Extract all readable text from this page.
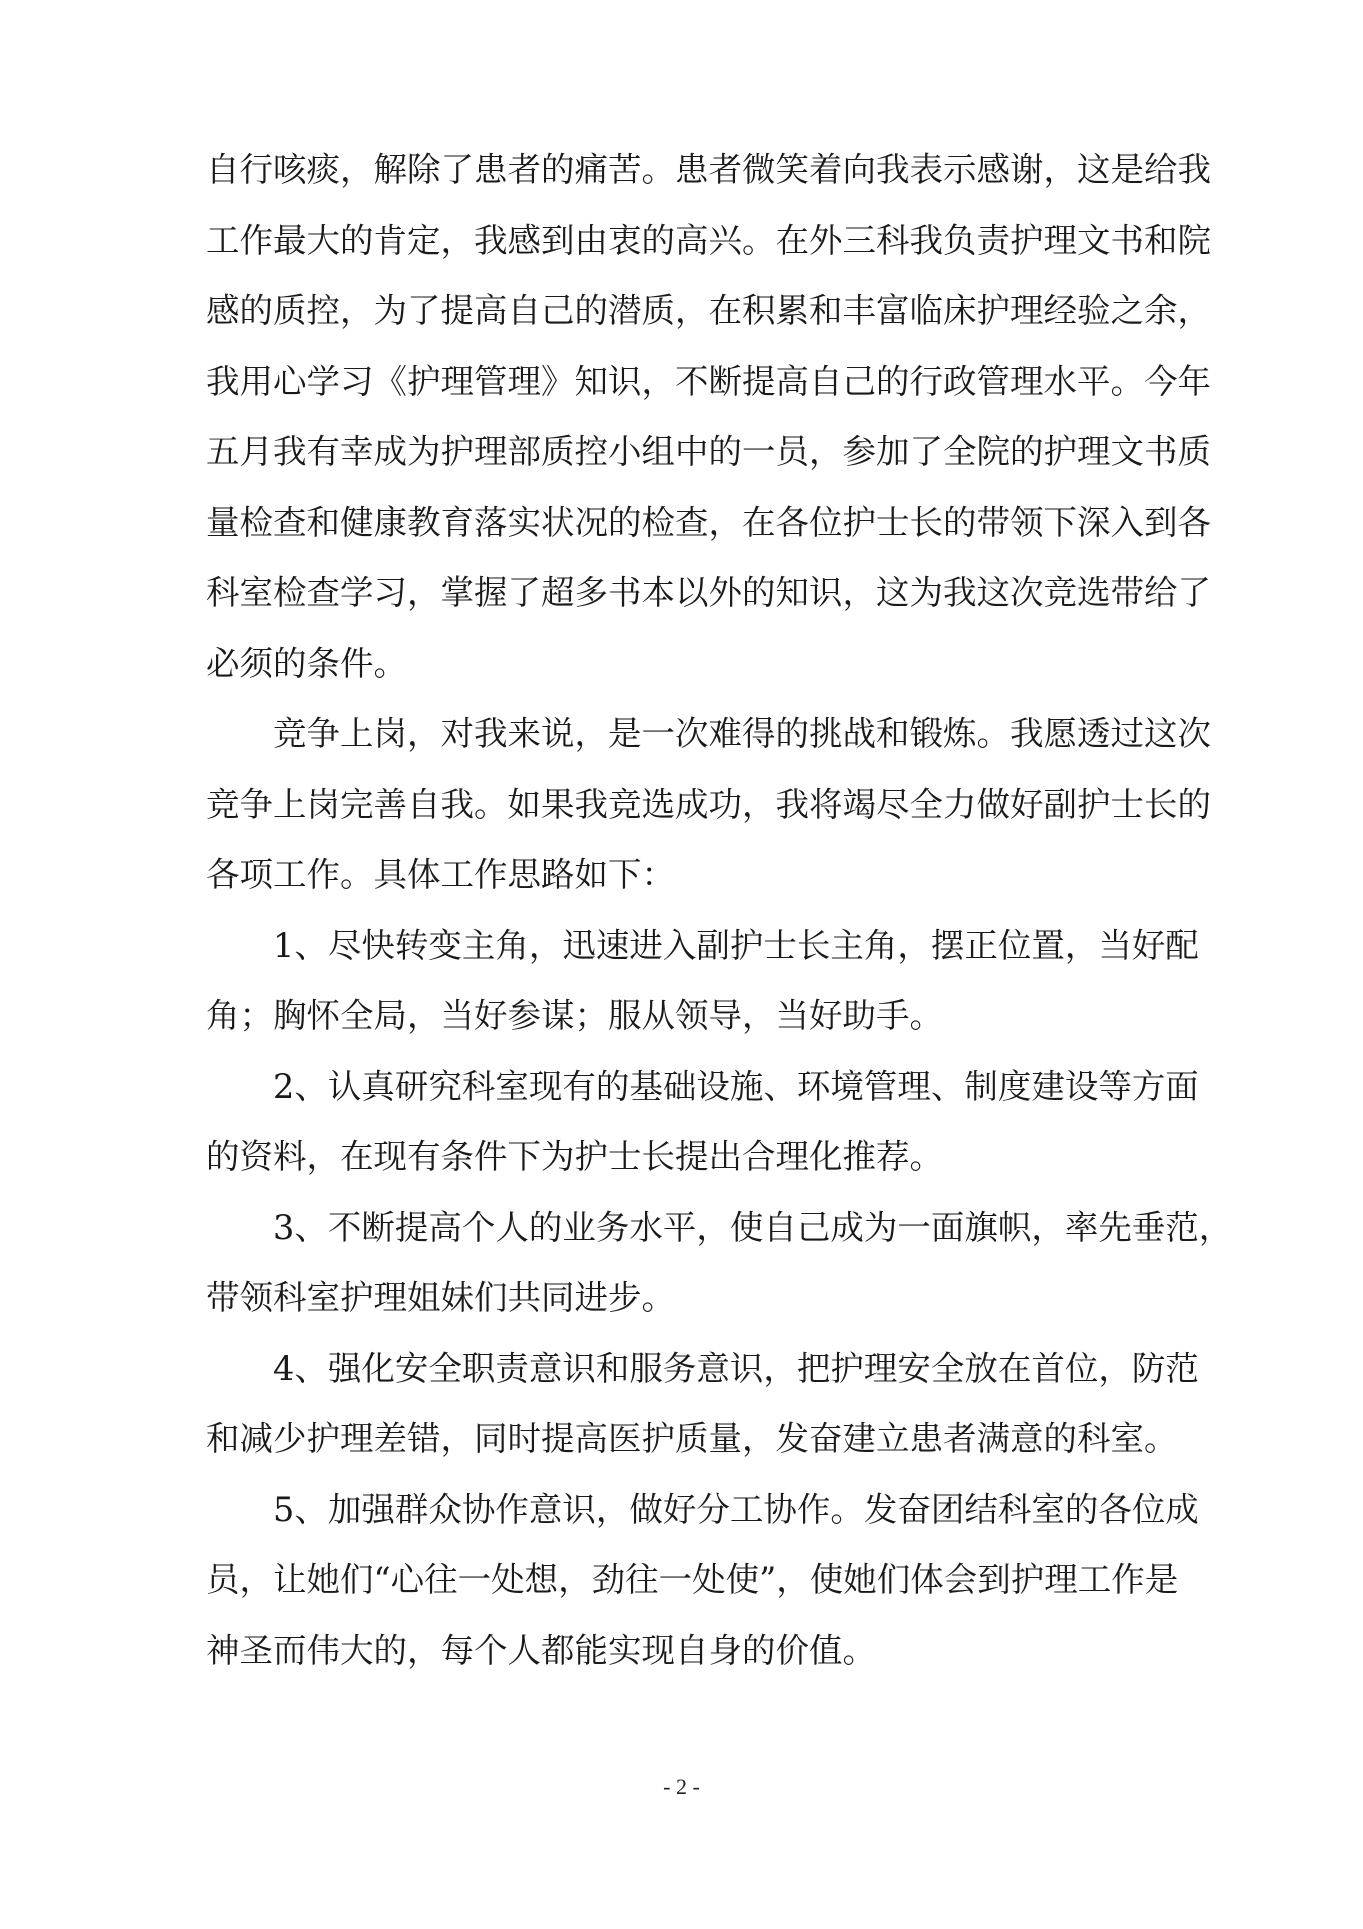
自行咳痰，解除了患者的痛苦。患者微笑着向我表示感谢，这是给我
工作最大的肯定，我感到由衷的高兴。在外三科我负责护理文书和院
感的质控，为了提高自己的潜质，在积累和丰富临床护理经验之余，
我用心学习《护理管理》知识，不断提高自己的行政管理水平。今年
五月我有幸成为护理部质控小组中的一员，参加了全院的护理文书质
量检查和健康教育落实状况的检查，在各位护士长的带领下深入到各
科室检查学习，掌握了超多书本以外的知识，这为我这次竞选带给了
必须的条件。
　　竞争上岗，对我来说，是一次难得的挑战和锻炼。我愿透过这次
竞争上岗完善自我。如果我竞选成功，我将竭尽全力做好副护士长的
各项工作。具体工作思路如下：
　　1、尽快转变主角，迅速进入副护士长主角，摆正位置，当好配
角；胸怀全局，当好参谋；服从领导，当好助手。
　　2、认真研究科室现有的基础设施、环境管理、制度建设等方面
的资料，在现有条件下为护士长提出合理化推荐。
　　3、不断提高个人的业务水平，使自己成为一面旗帜，率先垂范，
带领科室护理姐妹们共同进步。
　　4、强化安全职责意识和服务意识，把护理安全放在首位，防范
和减少护理差错，同时提高医护质量，发奋建立患者满意的科室。
　　5、加强群众协作意识，做好分工协作。发奋团结科室的各位成
员，让她们“心往一处想，劲往一处使”，使她们体会到护理工作是
神圣而伟大的，每个人都能实现自身的价值。
- 2 -
